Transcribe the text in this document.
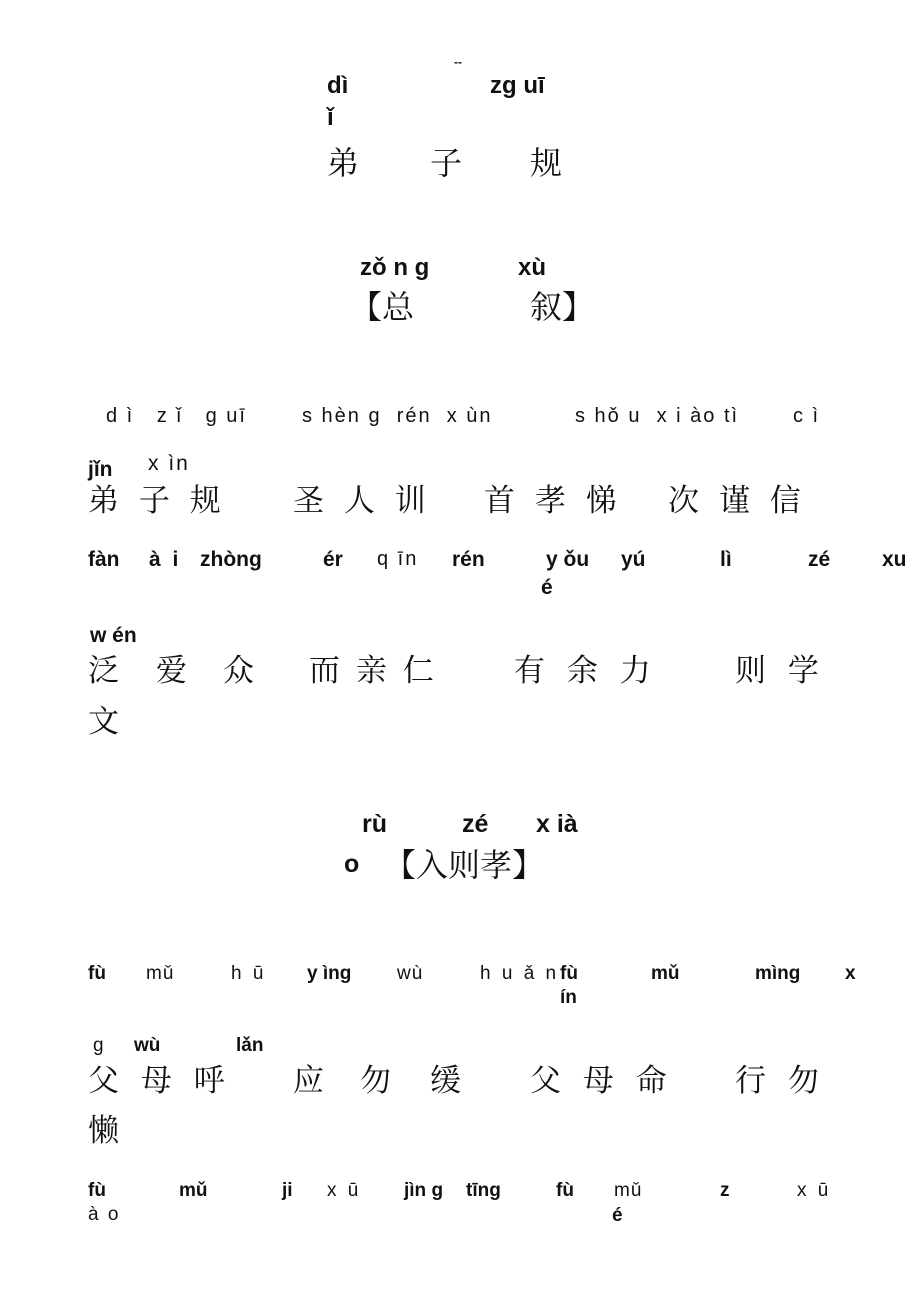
--
dì	zg uī
ǐ
弟 子 规
zǒ n g	xù
【总	叙】
d ì   z ǐ   g uī	s hèn g  rén  x ùn	s hǒ u  x i ào tì	c ì
jǐn x ìn
弟 子 规 圣 人 训 首 孝 悌 次 谨 信
fàn à i zhòng	ér q īn rén	y ǒu
é
yú	lì	zé xu
w én
泛 爱 众 而 亲 仁 有 余 力	则 学
文
rù	zé x ià
o 【入则孝】
fù mǔ	h ū y ìng wù	h u ǎ n fù
ín
mǔ	mìng x
g wù	lǎn
父 母 呼 应 勿 缓 父 母 命 行 勿
懒
fù
à o
mǔ	ji x ū jìn g tīng	fù mǔ
é
z	x ū
